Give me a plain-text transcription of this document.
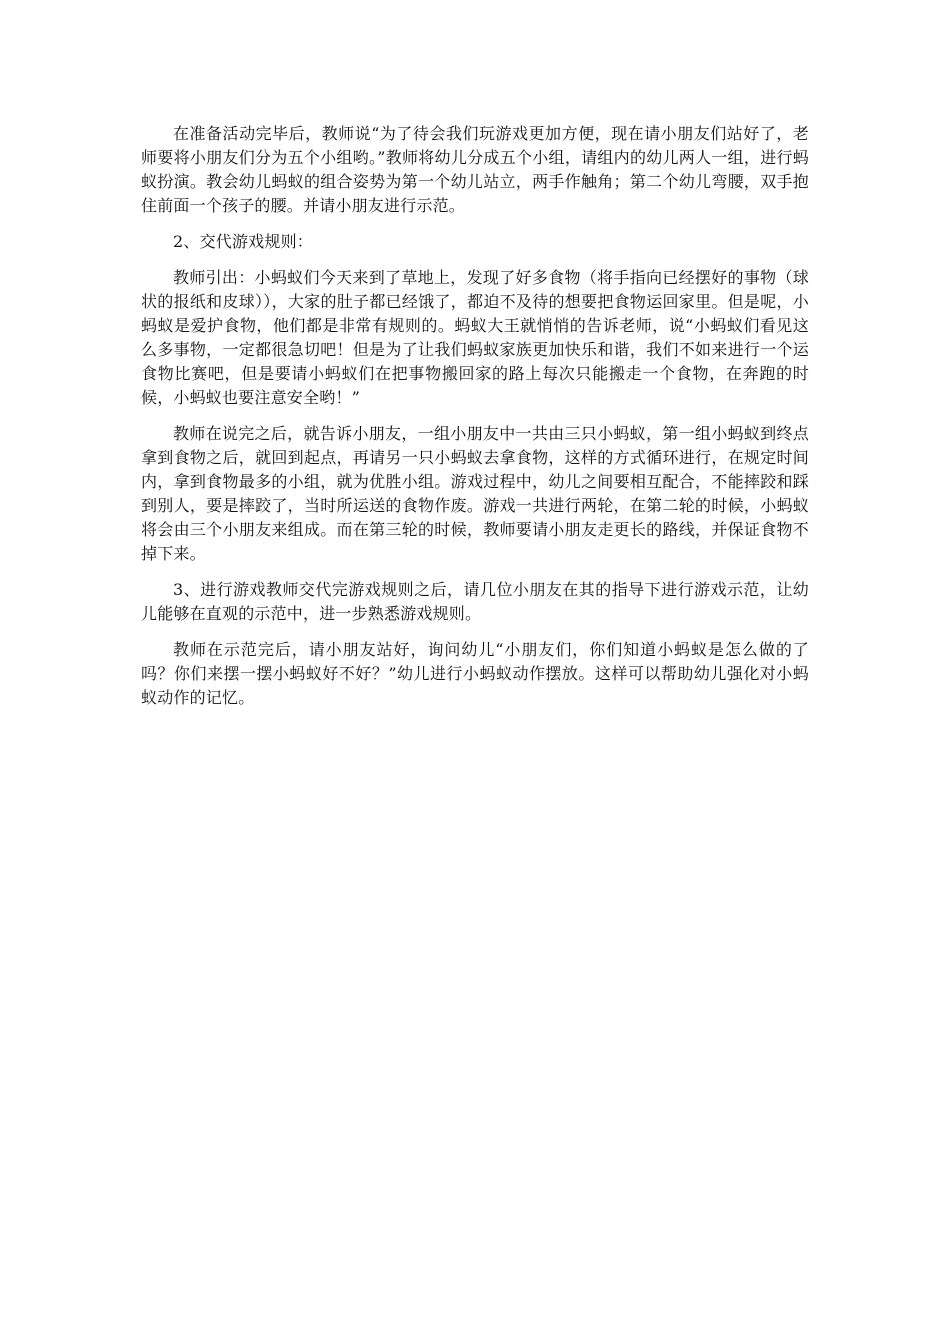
在准备活动完毕后，教师说“为了待会我们玩游戏更加方便，现在请小朋友们站好了，老师要将小朋友们分为五个小组哟。”教师将幼儿分成五个小组，请组内的幼儿两人一组，进行蚂蚁扮演。教会幼儿蚂蚁的组合姿势为第一个幼儿站立，两手作触角；第二个幼儿弯腰，双手抱住前面一个孩子的腰。并请小朋友进行示范。

2、交代游戏规则：

教师引出：小蚂蚁们今天来到了草地上，发现了好多食物（将手指向已经摆好的事物（球状的报纸和皮球）），大家的肚子都已经饿了，都迫不及待的想要把食物运回家里。但是呢，小蚂蚁是爱护食物，他们都是非常有规则的。蚂蚁大王就悄悄的告诉老师，说“小蚂蚁们看见这么多事物，一定都很急切吧！但是为了让我们蚂蚁家族更加快乐和谐，我们不如来进行一个运食物比赛吧，但是要请小蚂蚁们在把事物搬回家的路上每次只能搬走一个食物，在奔跑的时候，小蚂蚁也要注意安全哟！”

教师在说完之后，就告诉小朋友，一组小朋友中一共由三只小蚂蚁，第一组小蚂蚁到终点拿到食物之后，就回到起点，再请另一只小蚂蚁去拿食物，这样的方式循环进行，在规定时间内，拿到食物最多的小组，就为优胜小组。游戏过程中，幼儿之间要相互配合，不能摔跤和踩到别人，要是摔跤了，当时所运送的食物作废。游戏一共进行两轮，在第二轮的时候，小蚂蚁将会由三个小朋友来组成。而在第三轮的时候，教师要请小朋友走更长的路线，并保证食物不掉下来。

3、进行游戏教师交代完游戏规则之后，请几位小朋友在其的指导下进行游戏示范，让幼儿能够在直观的示范中，进一步熟悉游戏规则。

教师在示范完后，请小朋友站好，询问幼儿“小朋友们，你们知道小蚂蚁是怎么做的了吗？你们来摆一摆小蚂蚁好不好？”幼儿进行小蚂蚁动作摆放。这样可以帮助幼儿强化对小蚂蚁动作的记忆。
